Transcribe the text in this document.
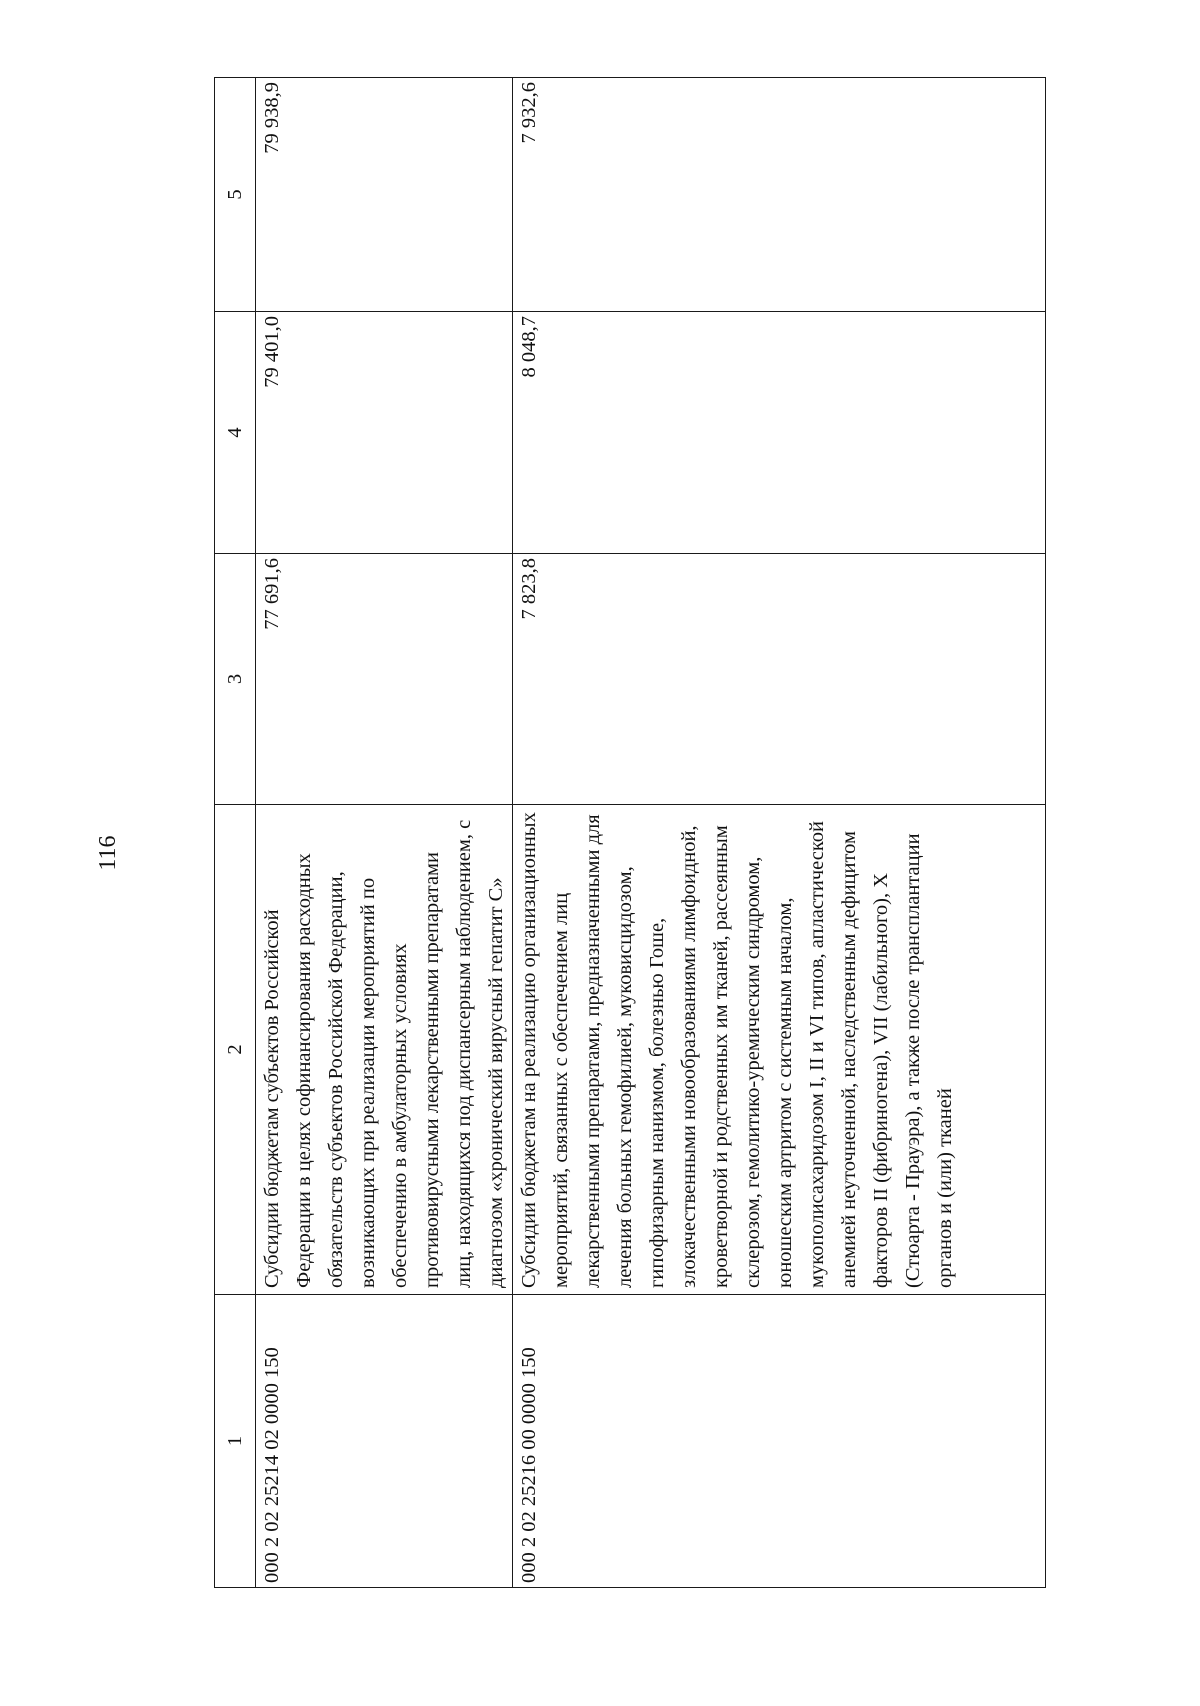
116
1	2	3	4	5
000 2 02 25214 02 0000 150	Субсидии бюджетам субъектов Российской Федерации в целях софинансирования расходных обязательств субъектов Российской Федерации, возникающих при реализации мероприятий по обеспечению в амбулаторных условиях противовирусными лекарственными препаратами лиц, находящихся под диспансерным наблюдением, с диагнозом «хронический вирусный гепатит С»	77 691,6	79 401,0	79 938,9
000 2 02 25216 00 0000 150	Субсидии бюджетам на реализацию организационных мероприятий, связанных с обеспечением лиц лекарственными препаратами, предназначенными для лечения больных гемофилией, муковисцидозом, гипофизарным нанизмом, болезнью Гоше, злокачественными новообразованиями лимфоидной, кроветворной и родственных им тканей, рассеянным склерозом, гемолитико-уремическим синдромом, юношеским артритом с системным началом, мукополисахаридозом I, II и VI типов, апластической анемией неуточненной, наследственным дефицитом факторов II (фибриногена), VII (лабильного), X (Стюарта - Прауэра), а также после трансплантации органов и (или) тканей	7 823,8	8 048,7	7 932,6
